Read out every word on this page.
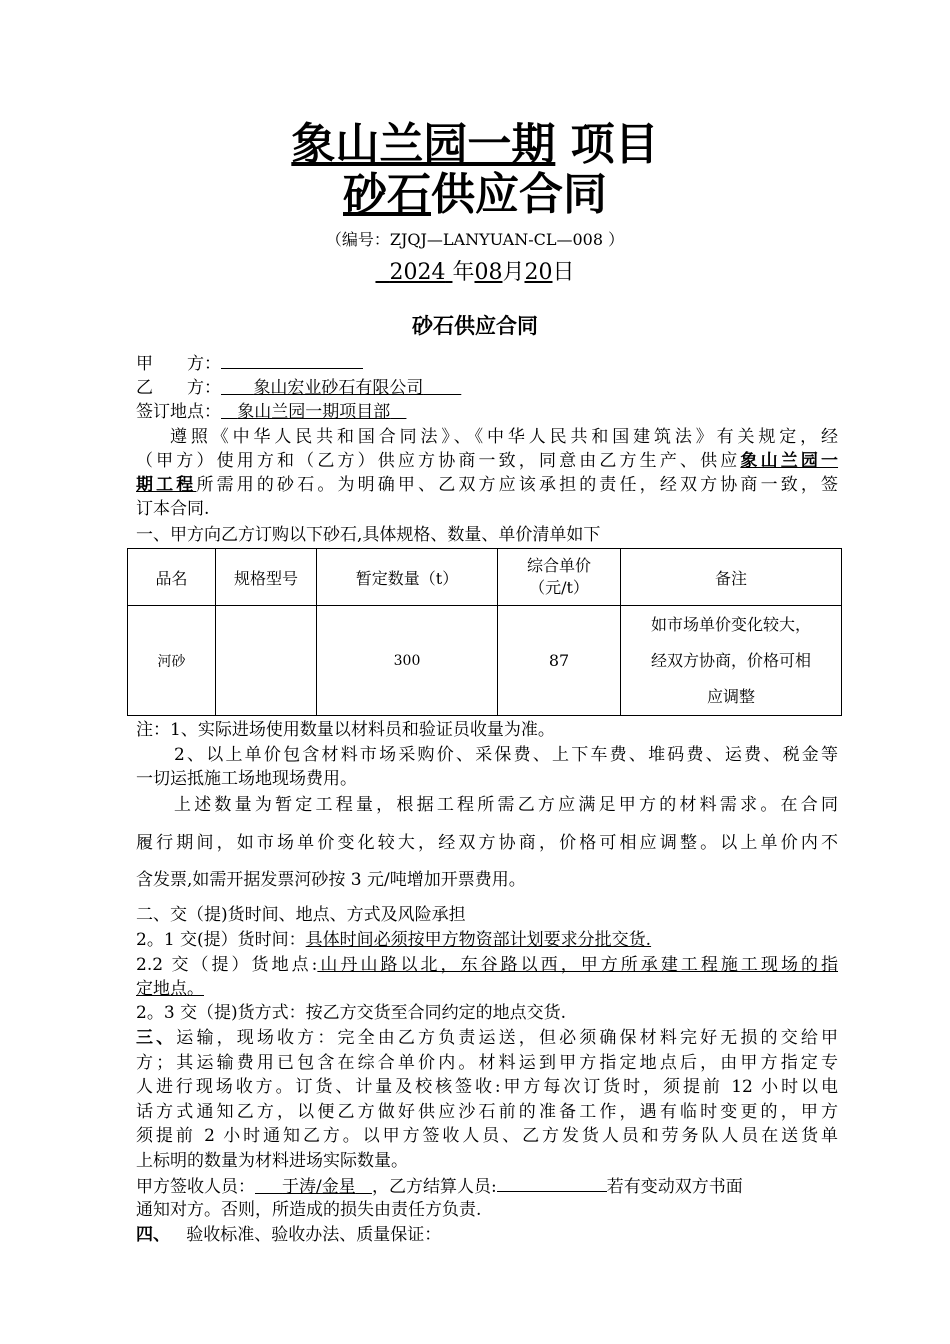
象山兰园一期 项目
砂石供应合同
（编号：ZJQJ—LANYUAN-CL—008 ）
2024 年08月20日
砂石供应合同
甲　　方：
乙　　方： 象山宏业砂石有限公司
签订地点： 象山兰园一期项目部
遵照《中华人民共和国合同法》、《中华人民共和国建筑法》有关规定，经
（甲方）使用方和（乙方）供应方协商一致，同意由乙方生产、供应象山兰园一
期工程所需用的砂石。为明确甲、乙双方应该承担的责任，经双方协商一致，签
订本合同.
一、甲方向乙方订购以下砂石,具体规格、数量、单价清单如下
品名	规格型号	暂定数量（t）	综合单价
（元/t）	备注
河砂		300	87	如市场单价变化较大，
经双方协商，价格可相
应调整
注：1、实际进场使用数量以材料员和验证员收量为准。
2、以上单价包含材料市场采购价、采保费、上下车费、堆码费、运费、税金等
一切运抵施工场地现场费用。
上述数量为暂定工程量，根据工程所需乙方应满足甲方的材料需求。在合同
履行期间，如市场单价变化较大，经双方协商，价格可相应调整。以上单价内不
含发票,如需开据发票河砂按 3 元/吨增加开票费用。
二、交（提)货时间、地点、方式及风险承担
2。1 交(提）货时间：具体时间必须按甲方物资部计划要求分批交货.
2.2 交（提）货地点:山丹山路以北，东谷路以西，甲方所承建工程施工现场的指
定地点。
2。3 交（提)货方式：按乙方交货至合同约定的地点交货.
三、运输，现场收方：完全由乙方负责运送，但必须确保材料完好无损的交给甲
方；其运输费用已包含在综合单价内。材料运到甲方指定地点后，由甲方指定专
人进行现场收方。订货、计量及校核签收:甲方每次订货时，须提前 12 小时以电
话方式通知乙方，以便乙方做好供应沙石前的准备工作，遇有临时变更的，甲方
须提前 2 小时通知乙方。以甲方签收人员、乙方发货人员和劳务队人员在送货单
上标明的数量为材料进场实际数量。
甲方签收人员： 于涛/金星 ，乙方结算人员:	若有变动双方书面
通知对方。否则，所造成的损失由责任方负责.
四、 验收标准、验收办法、质量保证：
